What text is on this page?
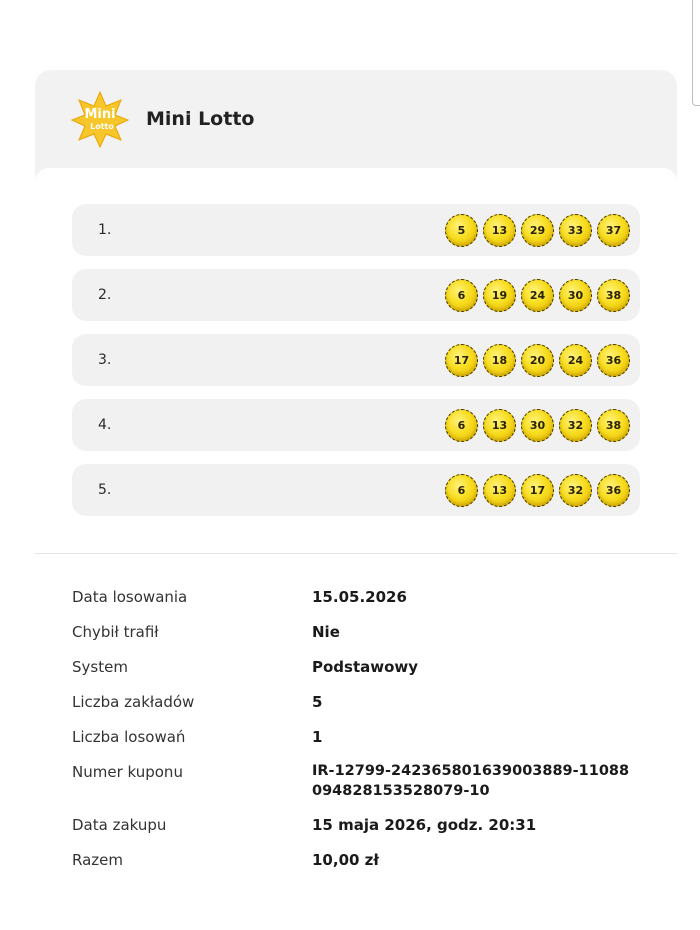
Mini
Lotto Mini Lotto
1.	5	13	29	33	37
2.	6	19	24	30	38
3.	17	18	20	24	36
4.	6	13	30	32	38
5.	6	13	17	32	36
Data losowania	15.05.2026
Chybił trafił	Nie
System	Podstawowy
Liczba zakładów	5
Liczba losowań	1
Numer kuponu	IR-12799-242365801639003889-11088
094828153528079-10
Data zakupu	15 maja 2026, godz. 20:31
Razem	10,00 zł
